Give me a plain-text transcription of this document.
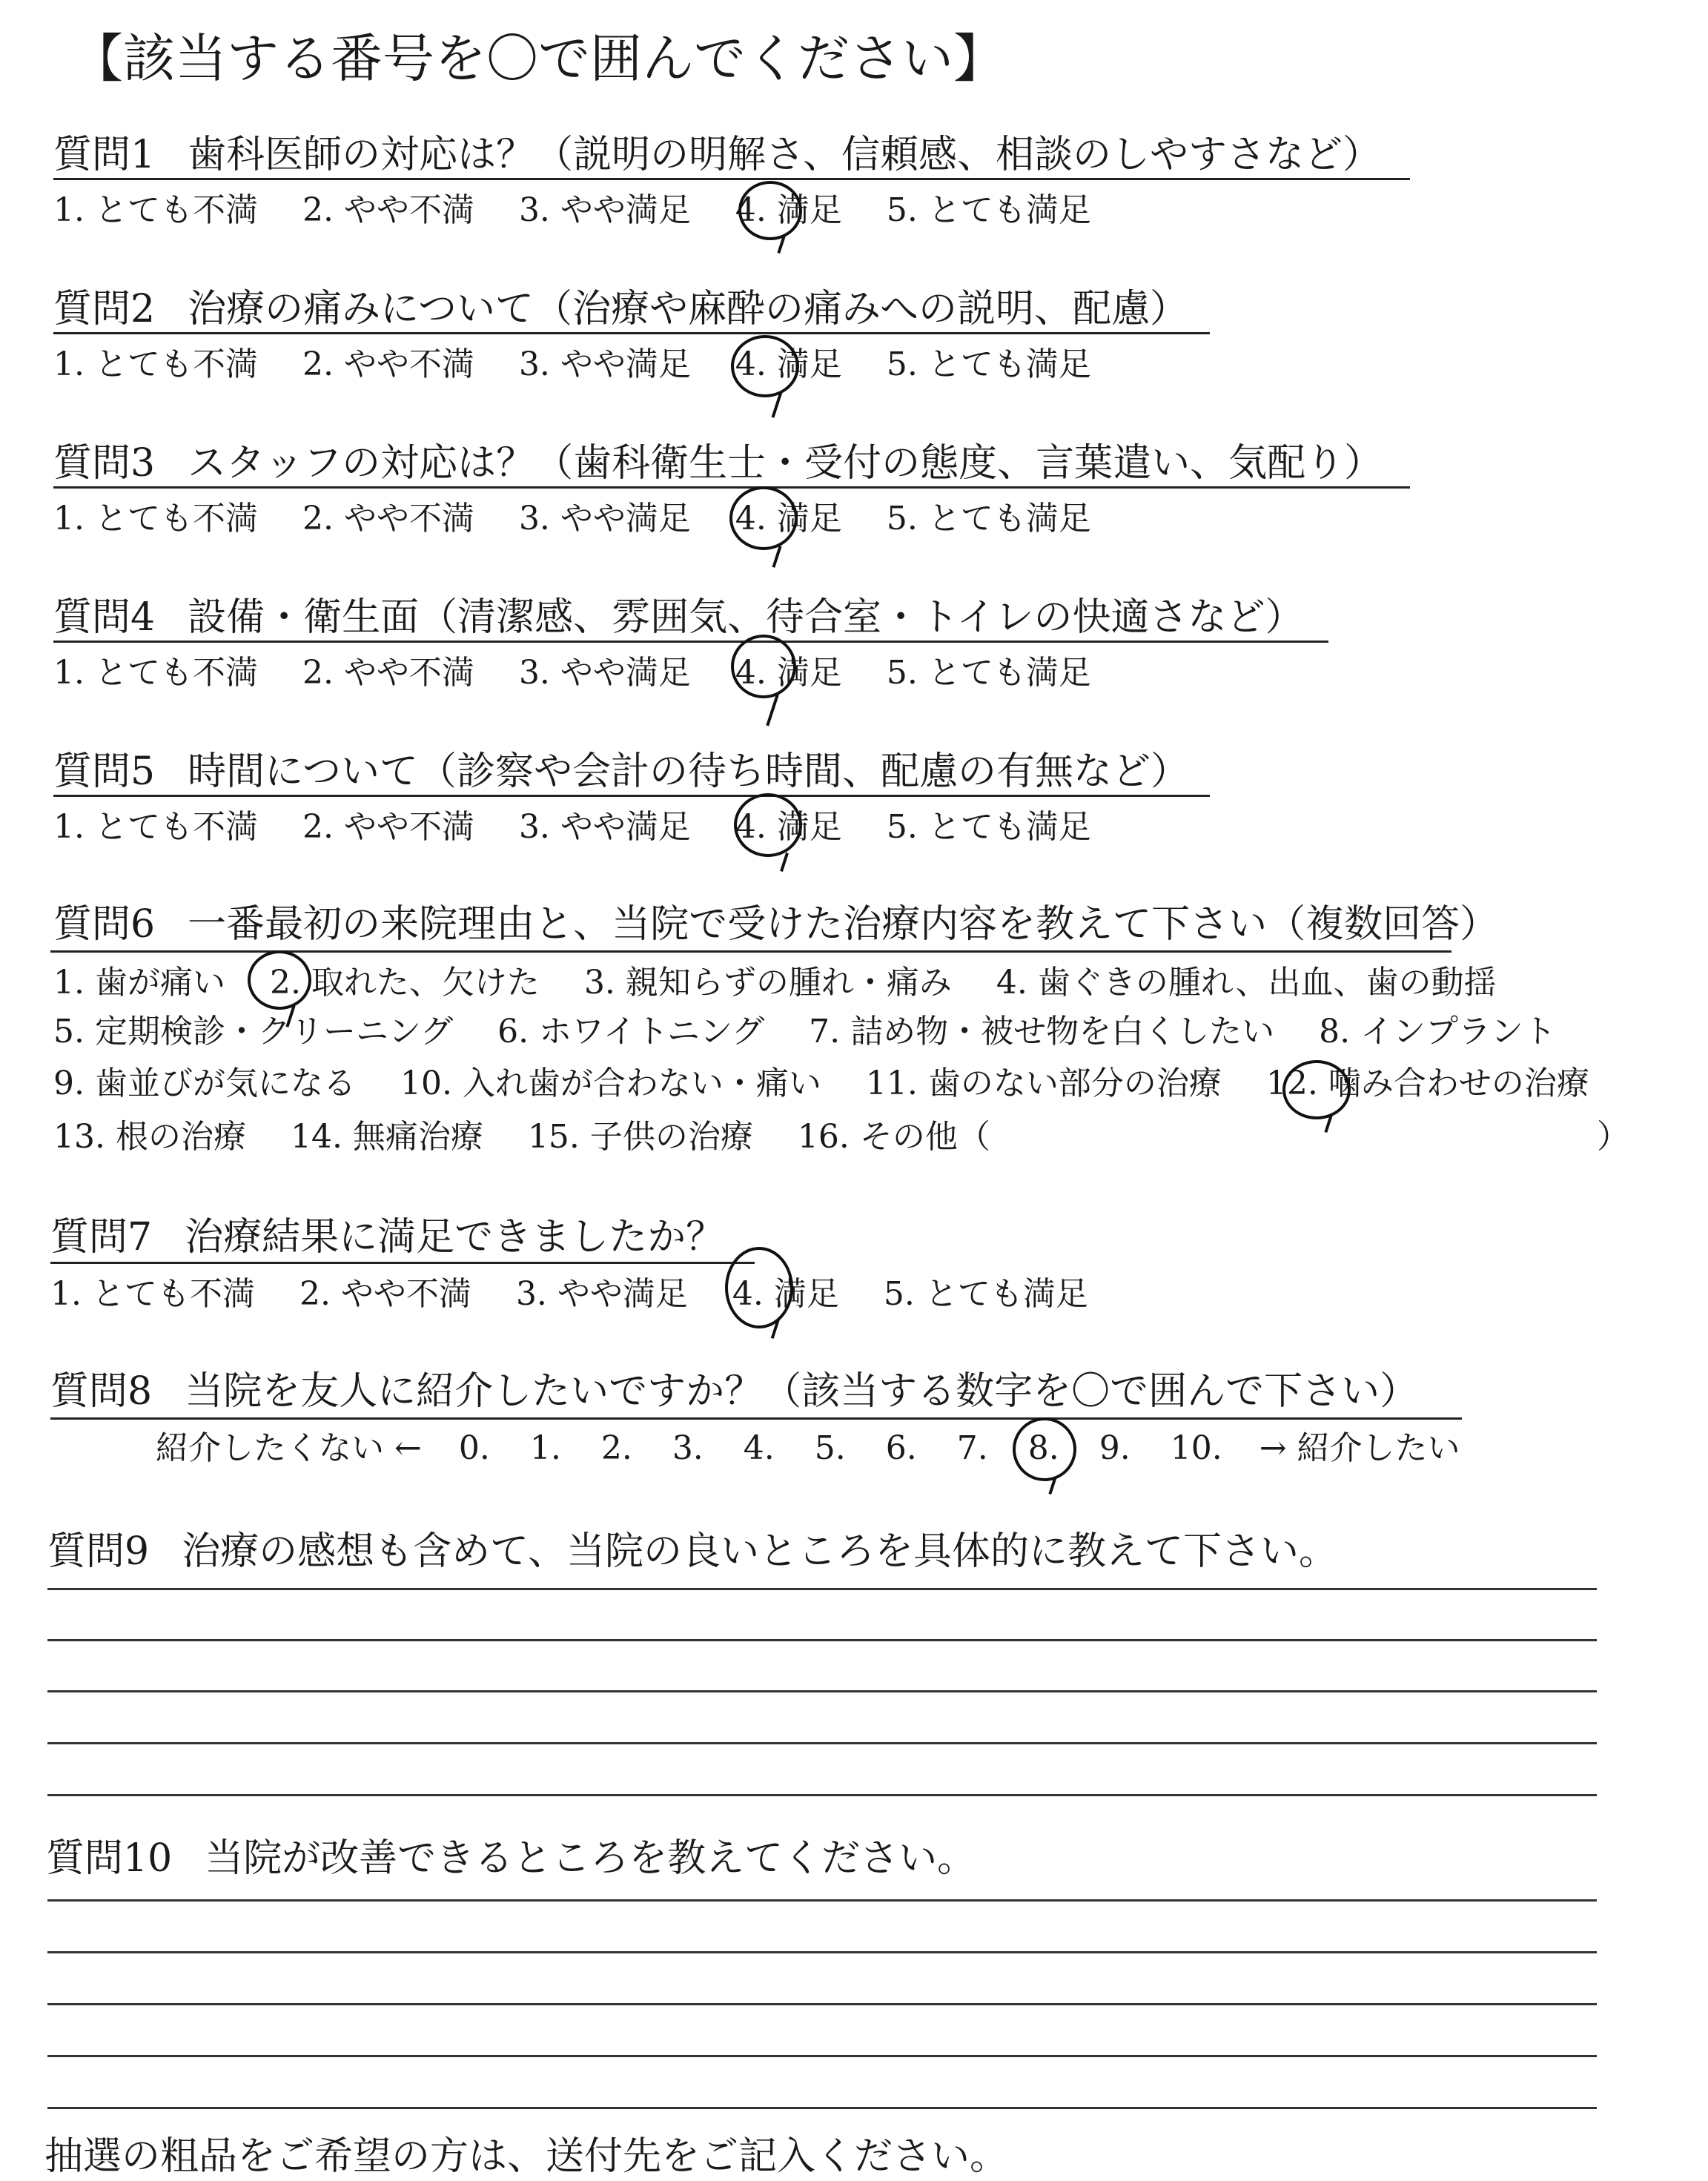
【該当する番号を〇で囲んでください】
質問1 歯科医師の対応は？（説明の明解さ、信頼感、相談のしやすさなど）
1. とても不満 2. やや不満 3. やや満足 4. 満足 5. とても満足
質問2 治療の痛みについて（治療や麻酔の痛みへの説明、配慮）
1. とても不満 2. やや不満 3. やや満足 4. 満足 5. とても満足
質問3 スタッフの対応は？（歯科衛生士・受付の態度、言葉遣い、気配り）
1. とても不満 2. やや不満 3. やや満足 4. 満足 5. とても満足
質問4 設備・衛生面（清潔感、雰囲気、待合室・トイレの快適さなど）
1. とても不満 2. やや不満 3. やや満足 4. 満足 5. とても満足
質問5 時間について（診察や会計の待ち時間、配慮の有無など）
1. とても不満 2. やや不満 3. やや満足 4. 満足 5. とても満足
質問6 一番最初の来院理由と、当院で受けた治療内容を教えて下さい（複数回答）
1. 歯が痛い 2. 取れた、欠けた 3. 親知らずの腫れ・痛み 4. 歯ぐきの腫れ、出血、歯の動揺
5. 定期検診・クリーニング 6. ホワイトニング 7. 詰め物・被せ物を白くしたい 8. インプラント
9. 歯並びが気になる 10. 入れ歯が合わない・痛い 11. 歯のない部分の治療 12. 噛み合わせの治療
13. 根の治療 14. 無痛治療 15. 子供の治療 16. その他（	）
質問7 治療結果に満足できましたか？
1. とても不満 2. やや不満 3. やや満足 4. 満足 5. とても満足
質問8 当院を友人に紹介したいですか？（該当する数字を〇で囲んで下さい）
紹介したくない ← 0. 1. 2. 3. 4. 5. 6. 7. 8. 9. 10. → 紹介したい
質問9 治療の感想も含めて、当院の良いところを具体的に教えて下さい。
質問10 当院が改善できるところを教えてください。
抽選の粗品をご希望の方は、送付先をご記入ください。
